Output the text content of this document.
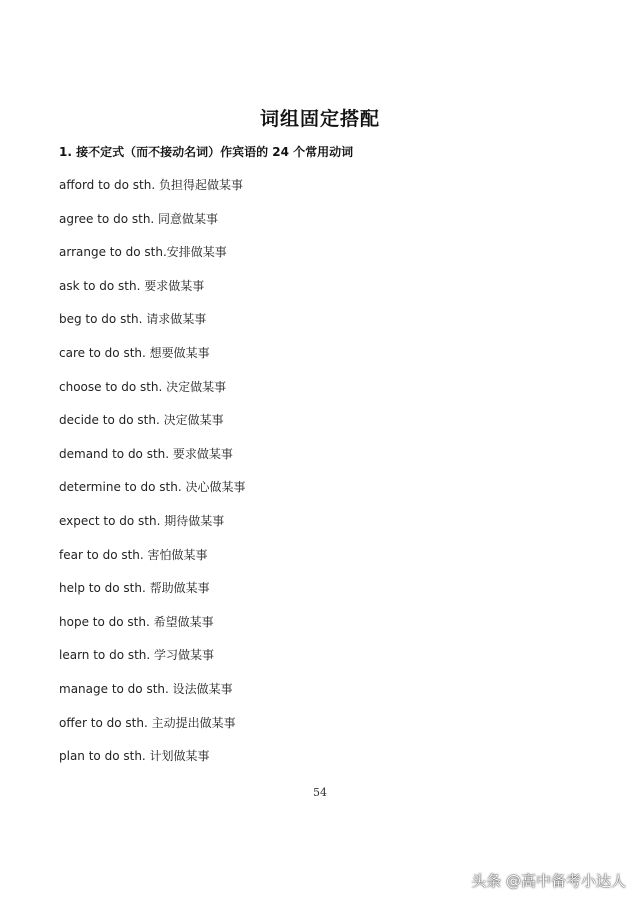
词组固定搭配
1. 接不定式（而不接动名词）作宾语的 24 个常用动词
afford to do sth. 负担得起做某事
agree to do sth. 同意做某事
arrange to do sth.安排做某事
ask to do sth. 要求做某事
beg to do sth. 请求做某事
care to do sth. 想要做某事
choose to do sth. 决定做某事
decide to do sth. 决定做某事
demand to do sth. 要求做某事
determine to do sth. 决心做某事
expect to do sth. 期待做某事
fear to do sth. 害怕做某事
help to do sth. 帮助做某事
hope to do sth. 希望做某事
learn to do sth. 学习做某事
manage to do sth. 设法做某事
offer to do sth. 主动提出做某事
plan to do sth. 计划做某事
54
头条 @高中备考小达人
